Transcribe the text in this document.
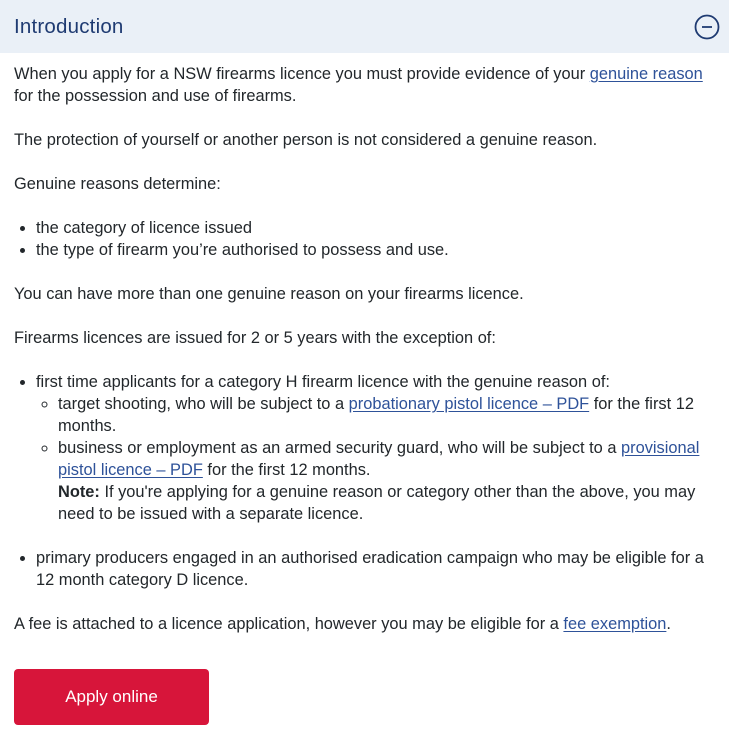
Introduction

When you apply for a NSW firearms licence you must provide evidence of your genuine reason for the possession and use of firearms.

The protection of yourself or another person is not considered a genuine reason.

Genuine reasons determine:

• the category of licence issued
• the type of firearm you’re authorised to possess and use.

You can have more than one genuine reason on your firearms licence.

Firearms licences are issued for 2 or 5 years with the exception of:

• first time applicants for a category H firearm licence with the genuine reason of:
◦ target shooting, who will be subject to a probationary pistol licence – PDF for the first 12 months.
◦ business or employment as an armed security guard, who will be subject to a provisional pistol licence – PDF for the first 12 months.
Note: If you're applying for a genuine reason or category other than the above, you may need to be issued with a separate licence.
• primary producers engaged in an authorised eradication campaign who may be eligible for a 12 month category D licence.

A fee is attached to a licence application, however you may be eligible for a fee exemption.

Apply online
